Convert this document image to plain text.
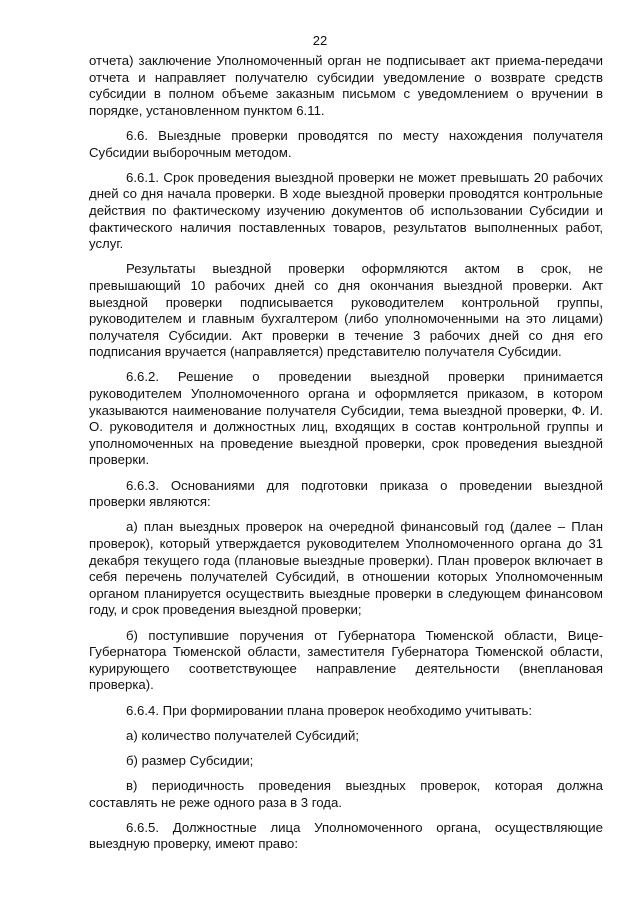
22

отчета) заключение Уполномоченный орган не подписывает акт приема-передачи отчета и направляет получателю субсидии уведомление о возврате средств субсидии в полном объеме заказным письмом с уведомлением о вручении в порядке, установленном пунктом 6.11.

6.6. Выездные проверки проводятся по месту нахождения получателя Субсидии выборочным методом.

6.6.1. Срок проведения выездной проверки не может превышать 20 рабочих дней со дня начала проверки. В ходе выездной проверки проводятся контрольные действия по фактическому изучению документов об использовании Субсидии и фактического наличия поставленных товаров, результатов выполненных работ, услуг.

Результаты выездной проверки оформляются актом в срок, не превышающий 10 рабочих дней со дня окончания выездной проверки. Акт выездной проверки подписывается руководителем контрольной группы, руководителем и главным бухгалтером (либо уполномоченными на это лицами) получателя Субсидии. Акт проверки в течение 3 рабочих дней со дня его подписания вручается (направляется) представителю получателя Субсидии.

6.6.2. Решение о проведении выездной проверки принимается руководителем Уполномоченного органа и оформляется приказом, в котором указываются наименование получателя Субсидии, тема выездной проверки, Ф. И. О. руководителя и должностных лиц, входящих в состав контрольной группы и уполномоченных на проведение выездной проверки, срок проведения выездной проверки.

6.6.3. Основаниями для подготовки приказа о проведении выездной проверки являются:

а) план выездных проверок на очередной финансовый год (далее – План проверок), который утверждается руководителем Уполномоченного органа до 31 декабря текущего года (плановые выездные проверки). План проверок включает в себя перечень получателей Субсидий, в отношении которых Уполномоченным органом планируется осуществить выездные проверки в следующем финансовом году, и срок проведения выездной проверки;

б) поступившие поручения от Губернатора Тюменской области, Вице-Губернатора Тюменской области, заместителя Губернатора Тюменской области, курирующего соответствующее направление деятельности (внеплановая проверка).

6.6.4. При формировании плана проверок необходимо учитывать:

а) количество получателей Субсидий;

б) размер Субсидии;

в) периодичность проведения выездных проверок, которая должна составлять не реже одного раза в 3 года.

6.6.5. Должностные лица Уполномоченного органа, осуществляющие выездную проверку, имеют право:
